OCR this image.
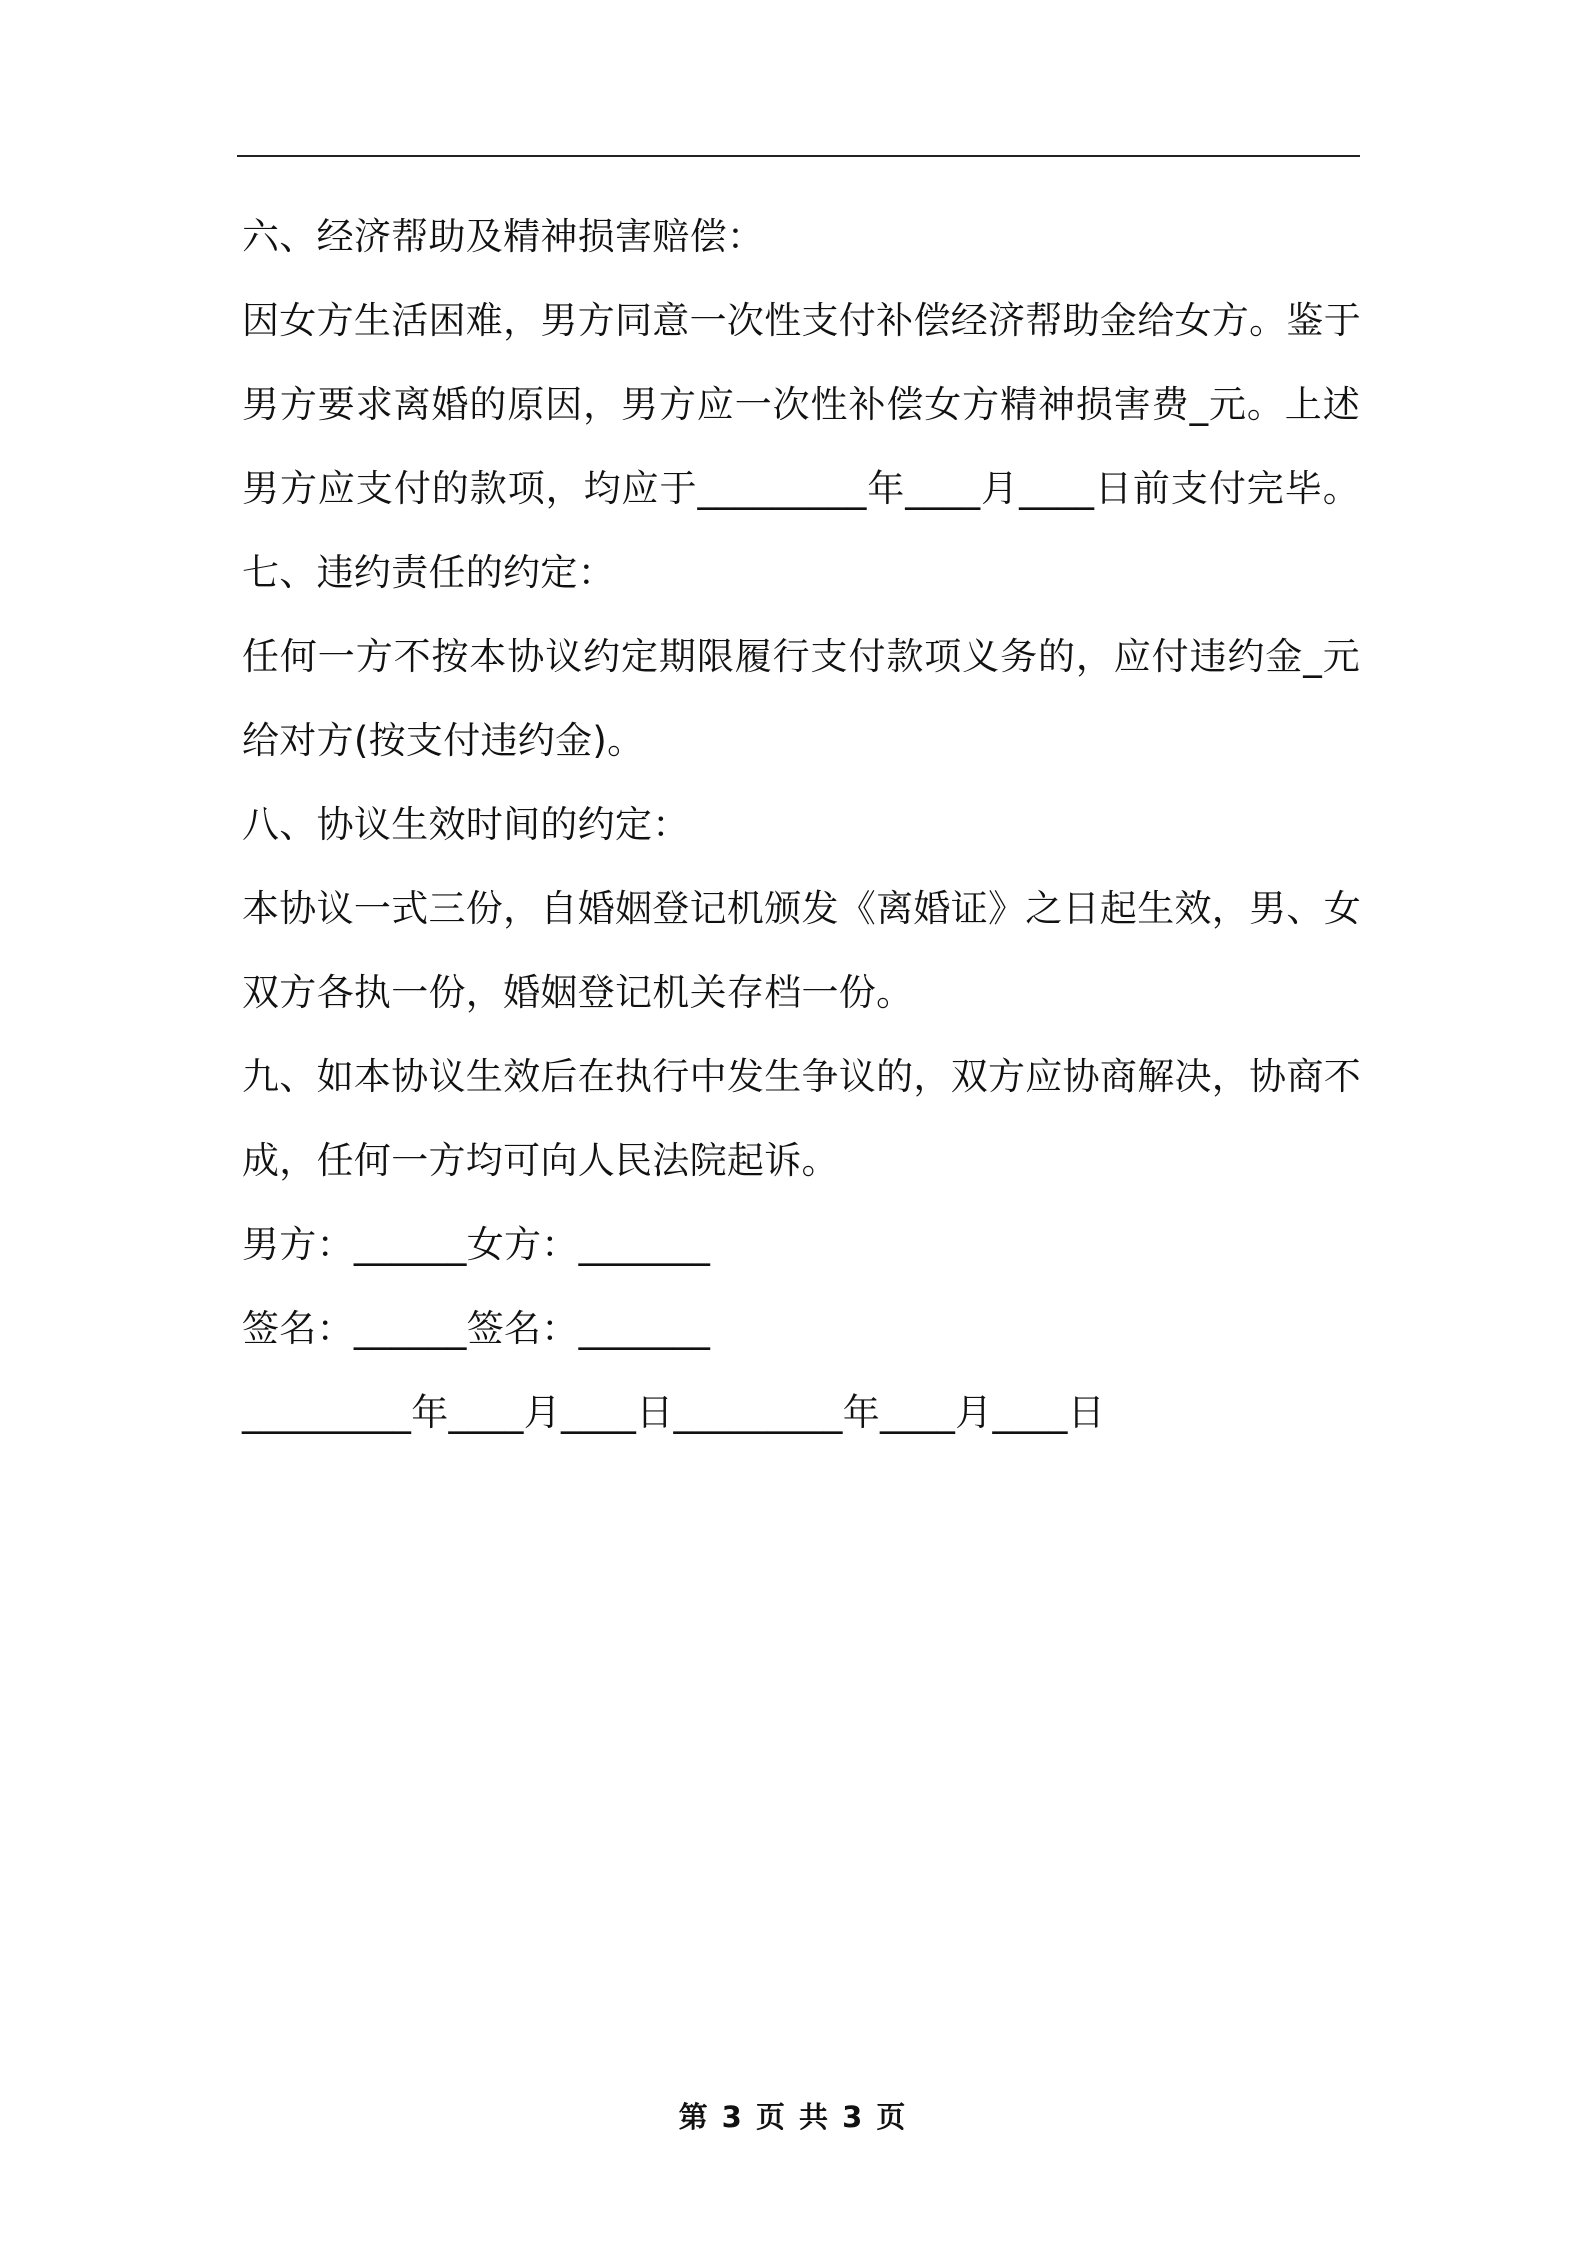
六、经济帮助及精神损害赔偿：
因女方生活困难，男方同意一次性支付补偿经济帮助金给女方。鉴于
男方要求离婚的原因，男方应一次性补偿女方精神损害费_元。上述
男方应支付的款项，均应于_________年____月____日前支付完毕。
七、违约责任的约定：
任何一方不按本协议约定期限履行支付款项义务的，应付违约金_元
给对方(按支付违约金)。
八、协议生效时间的约定：
本协议一式三份，自婚姻登记机颁发《离婚证》之日起生效，男、女
双方各执一份，婚姻登记机关存档一份。
九、如本协议生效后在执行中发生争议的，双方应协商解决，协商不
成，任何一方均可向人民法院起诉。
男方：______女方：_______
签名：______签名：_______
_________年____月____日_________年____月____日
第 3 页 共 3 页
